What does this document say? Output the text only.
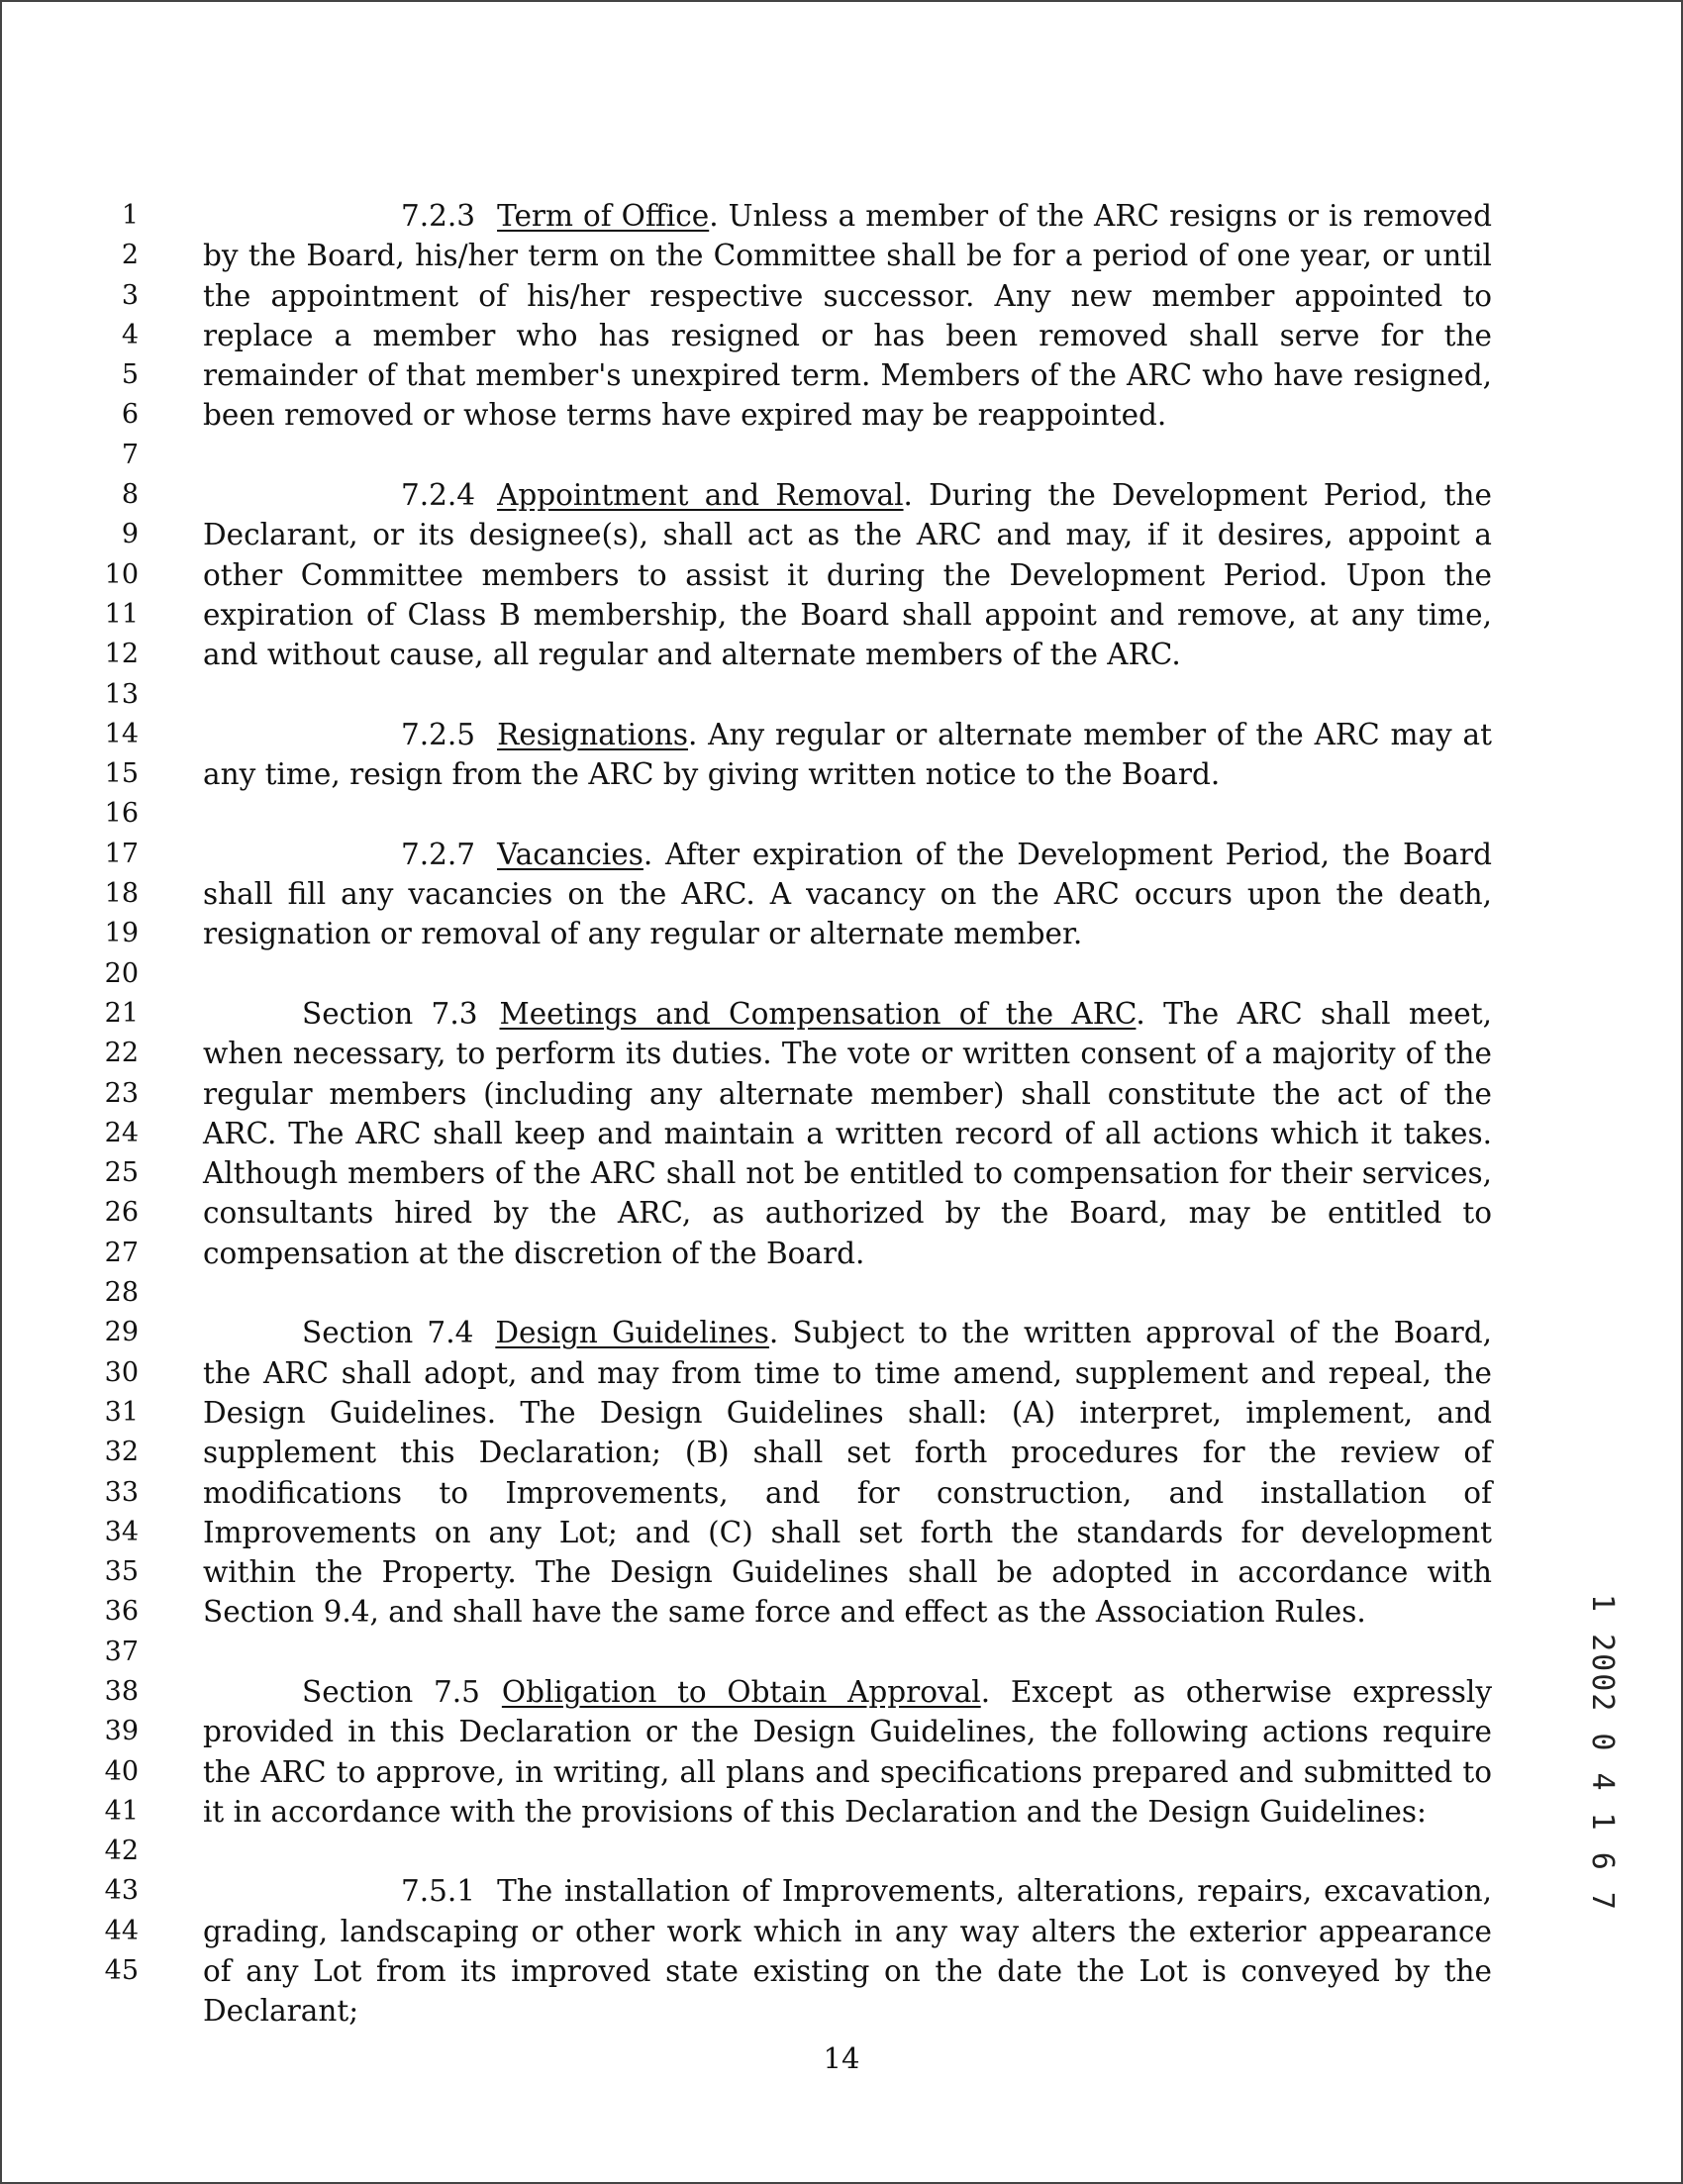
1
2
3
4
5
6
7
8
9
10
11
12
13
14
15
16
17
18
19
20
21
22
23
24
25
26
27
28
29
30
31
32
33
34
35
36
37
38
39
40
41
42
43
44
45

7.2.3 Term of Office. Unless a member of the ARC resigns or is removed by the Board, his/her term on the Committee shall be for a period of one year, or until the appointment of his/her respective successor. Any new member appointed to replace a member who has resigned or has been removed shall serve for the remainder of that member's unexpired term. Members of the ARC who have resigned, been removed or whose terms have expired may be reappointed.

7.2.4 Appointment and Removal. During the Development Period, the Declarant, or its designee(s), shall act as the ARC and may, if it desires, appoint a other Committee members to assist it during the Development Period. Upon the expiration of Class B membership, the Board shall appoint and remove, at any time, and without cause, all regular and alternate members of the ARC.

7.2.5 Resignations. Any regular or alternate member of the ARC may at any time, resign from the ARC by giving written notice to the Board.

7.2.7 Vacancies. After expiration of the Development Period, the Board shall fill any vacancies on the ARC. A vacancy on the ARC occurs upon the death, resignation or removal of any regular or alternate member.

Section 7.3 Meetings and Compensation of the ARC. The ARC shall meet, when necessary, to perform its duties. The vote or written consent of a majority of the regular members (including any alternate member) shall constitute the act of the ARC. The ARC shall keep and maintain a written record of all actions which it takes. Although members of the ARC shall not be entitled to compensation for their services, consultants hired by the ARC, as authorized by the Board, may be entitled to compensation at the discretion of the Board.

Section 7.4 Design Guidelines. Subject to the written approval of the Board, the ARC shall adopt, and may from time to time amend, supplement and repeal, the Design Guidelines. The Design Guidelines shall: (A) interpret, implement, and supplement this Declaration; (B) shall set forth procedures for the review of modifications to Improvements, and for construction, and installation of Improvements on any Lot; and (C) shall set forth the standards for development within the Property. The Design Guidelines shall be adopted in accordance with Section 9.4, and shall have the same force and effect as the Association Rules.

Section 7.5 Obligation to Obtain Approval. Except as otherwise expressly provided in this Declaration or the Design Guidelines, the following actions require the ARC to approve, in writing, all plans and specifications prepared and submitted to it in accordance with the provisions of this Declaration and the Design Guidelines:

7.5.1 The installation of Improvements, alterations, repairs, excavation, grading, landscaping or other work which in any way alters the exterior appearance of any Lot from its improved state existing on the date the Lot is conveyed by the Declarant;

14
1 2002 0 4 1 6 7
